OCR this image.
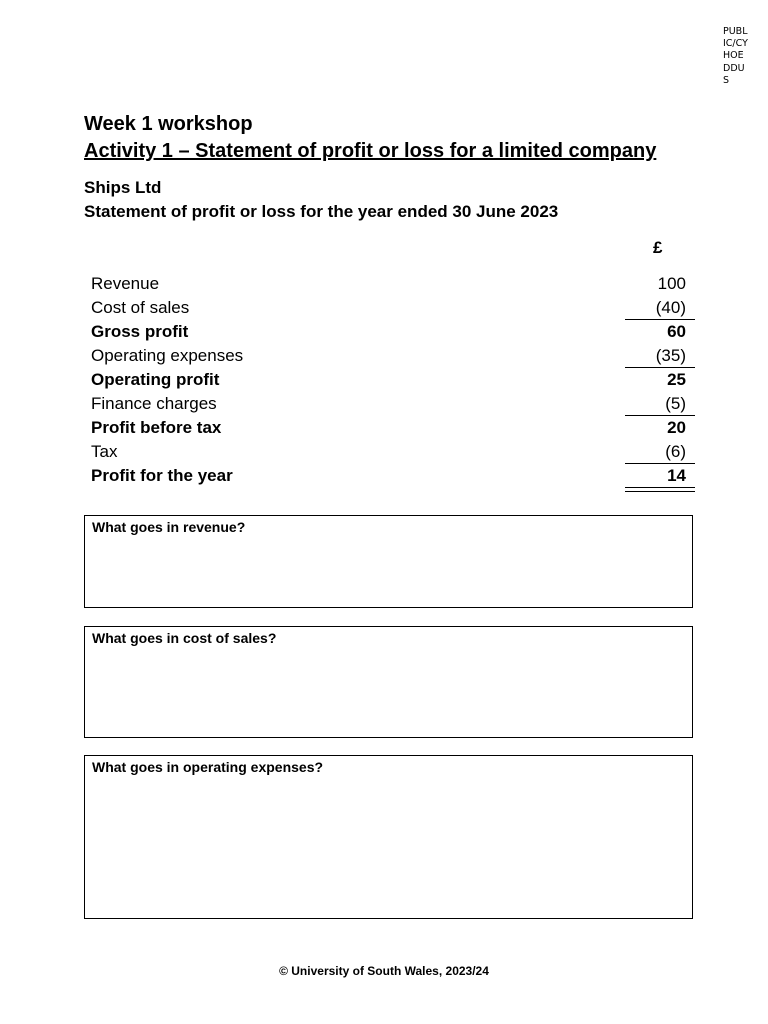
PUBLIC/CYHOEDDUS
Week 1 workshop
Activity 1 – Statement of profit or loss for a limited company
Ships Ltd
Statement of profit or loss for the year ended 30 June 2023
£
Revenue	100
Cost of sales	(40)
Gross profit	60
Operating expenses	(35)
Operating profit	25
Finance charges	(5)
Profit before tax	20
Tax	(6)
Profit for the year	14
What goes in revenue?
What goes in cost of sales?
What goes in operating expenses?
© University of South Wales, 2023/24
